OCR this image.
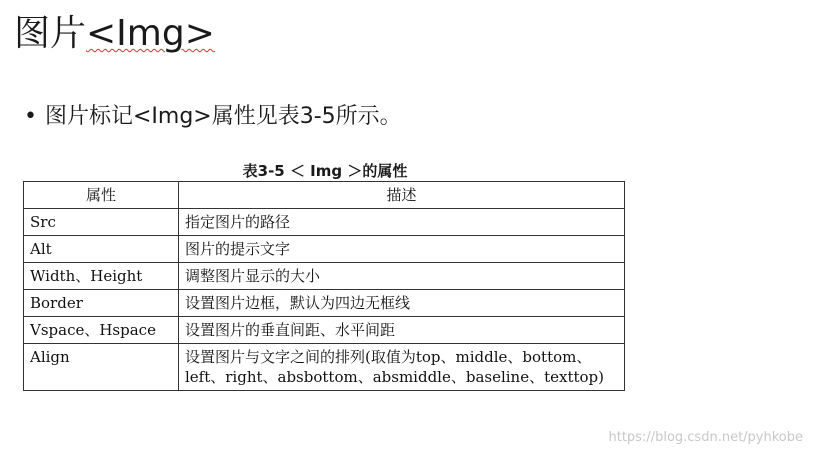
图片<Img>
• 图片标记<Img>属性见表3-5所示。
表3-5 ＜ Img ＞的属性
属性	描述
Src	指定图片的路径
Alt	图片的提示文字
Width、Height	调整图片显示的大小
Border	设置图片边框，默认为四边无框线
Vspace、Hspace	设置图片的垂直间距、水平间距
Align	设置图片与文字之间的排列(取值为top、middle、bottom、left、right、absbottom、absmiddle、baseline、texttop)
https://blog.csdn.net/pyhkobe
